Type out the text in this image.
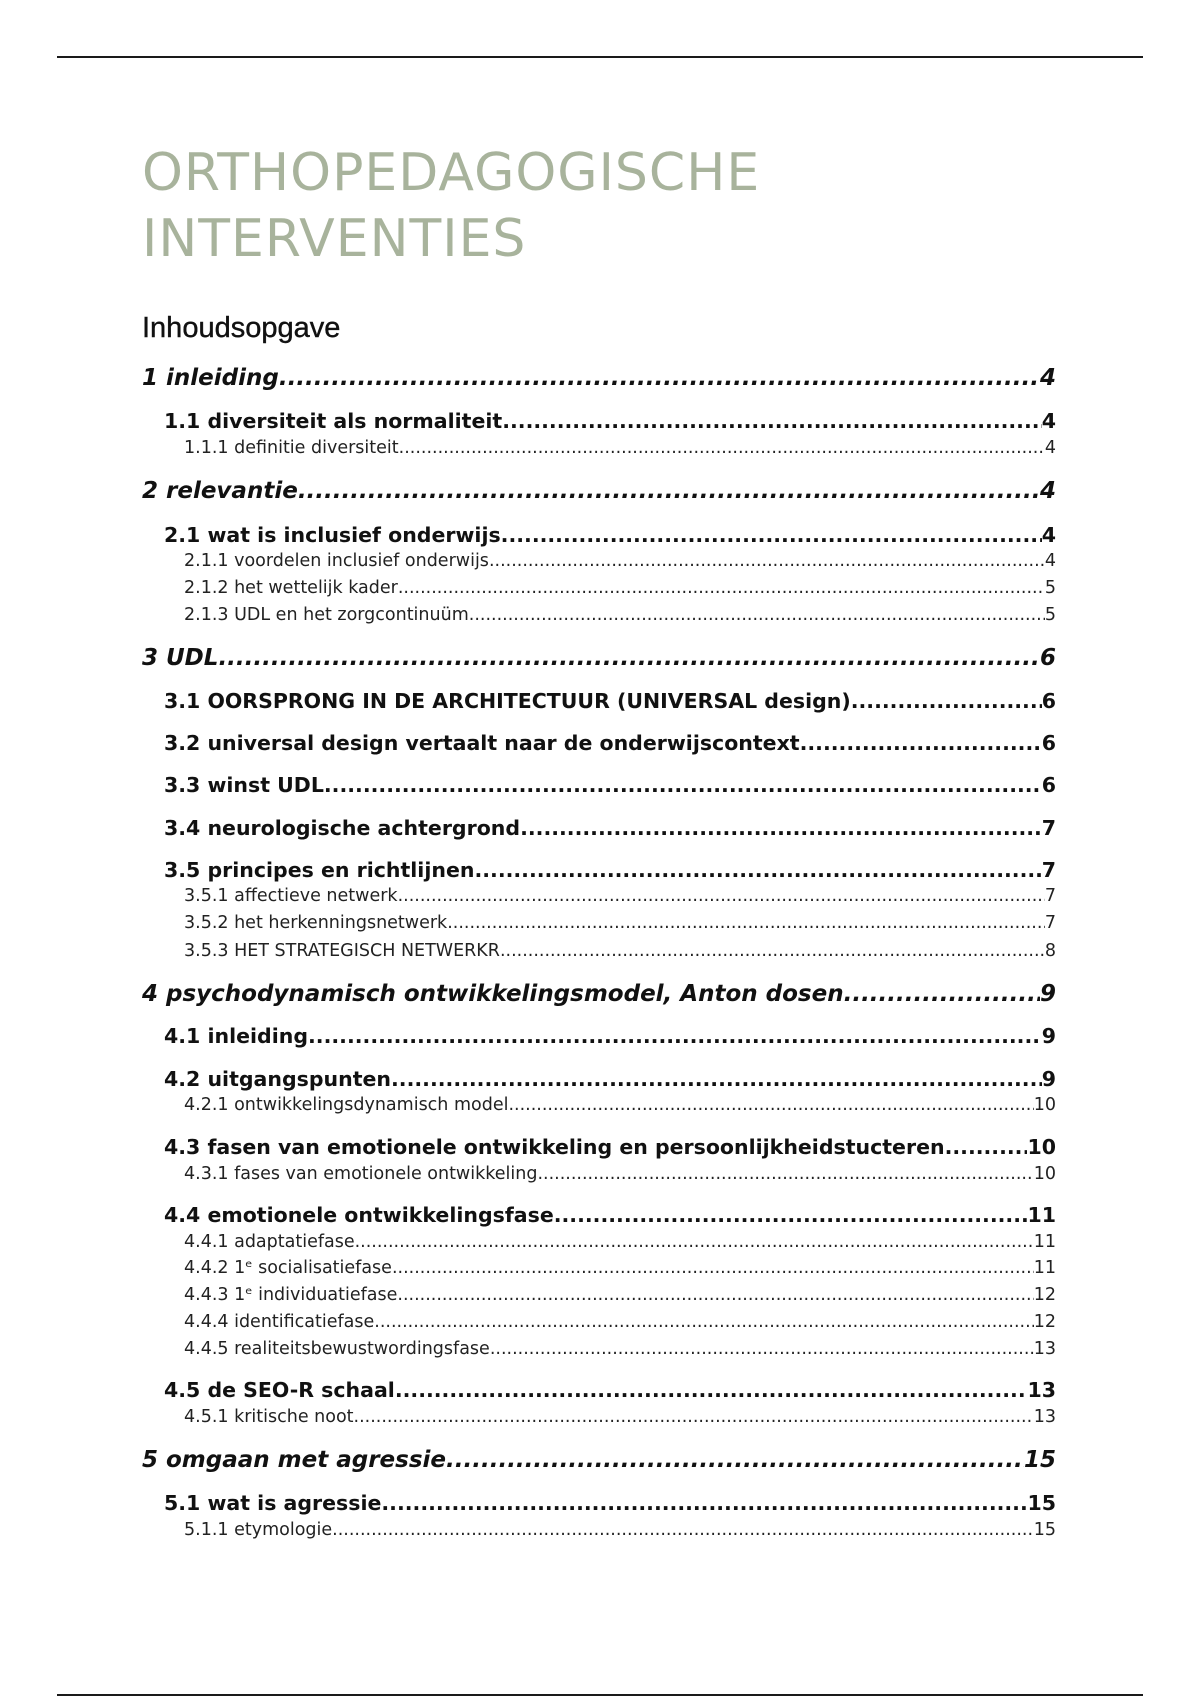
ORTHOPEDAGOGISCHE
INTERVENTIES
Inhoudsopgave
1 inleiding .....	4
1.1 diversiteit als normaliteit .....	4
1.1.1 definitie diversiteit .....	4
2 relevantie .....	4
2.1 wat is inclusief onderwijs .....	4
2.1.1 voordelen inclusief onderwijs .....	4
2.1.2 het wettelijk kader .....	5
2.1.3 UDL en het zorgcontinuüm .....	5
3 UDL .....	6
3.1 OORSPRONG IN DE ARCHITECTUUR (UNIVERSAL design) .....	6
3.2 universal design vertaalt naar de onderwijscontext .....	6
3.3 winst UDL .....	6
3.4 neurologische achtergrond .....	7
3.5 principes en richtlijnen .....	7
3.5.1 affectieve netwerk .....	7
3.5.2 het herkenningsnetwerk .....	7
3.5.3 HET STRATEGISCH NETWERKR .....	8
4 psychodynamisch ontwikkelingsmodel, Anton dosen .....	9
4.1 inleiding .....	9
4.2 uitgangspunten .....	9
4.2.1 ontwikkelingsdynamisch model .....	10
4.3 fasen van emotionele ontwikkeling en persoonlijkheidstucteren .....	10
4.3.1 fases van emotionele ontwikkeling .....	10
4.4 emotionele ontwikkelingsfase .....	11
4.4.1 adaptatiefase .....	11
4.4.2 1ᵉ socialisatiefase .....	11
4.4.3 1ᵉ individuatiefase .....	12
4.4.4 identificatiefase .....	12
4.4.5 realiteitsbewustwordingsfase .....	13
4.5 de SEO-R schaal .....	13
4.5.1 kritische noot .....	13
5 omgaan met agressie .....	15
5.1 wat is agressie .....	15
5.1.1 etymologie .....	15
